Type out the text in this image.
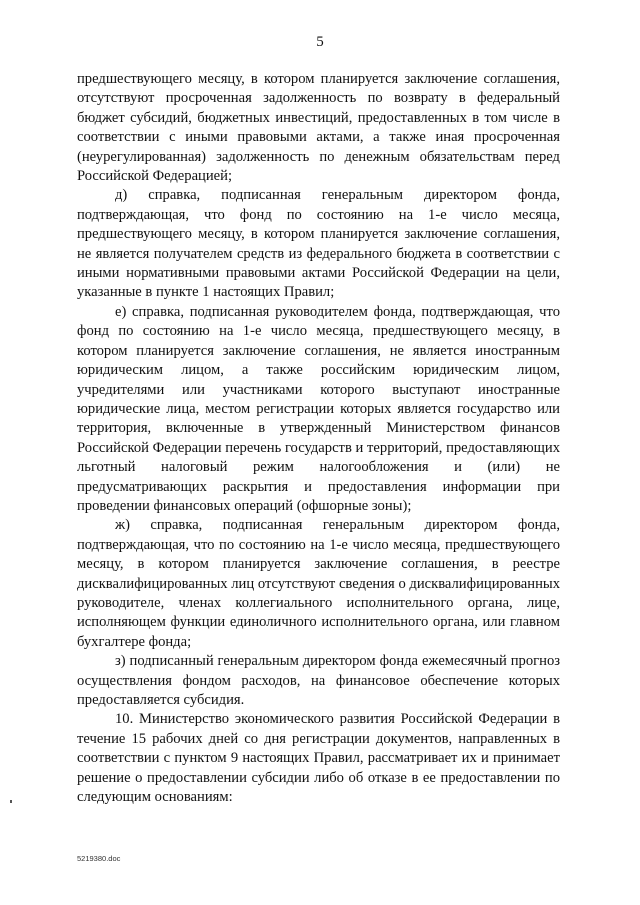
5

предшествующего месяцу, в котором планируется заключение соглашения, отсутствуют просроченная задолженность по возврату в федеральный бюджет субсидий, бюджетных инвестиций, предоставленных в том числе в соответствии с иными правовыми актами, а также иная просроченная (неурегулированная) задолженность по денежным обязательствам перед Российской Федерацией;

д) справка, подписанная генеральным директором фонда, подтверждающая, что фонд по состоянию на 1-е число месяца, предшествующего месяцу, в котором планируется заключение соглашения, не является получателем средств из федерального бюджета в соответствии с иными нормативными правовыми актами Российской Федерации на цели, указанные в пункте 1 настоящих Правил;

е) справка, подписанная руководителем фонда, подтверждающая, что фонд по состоянию на 1-е число месяца, предшествующего месяцу, в котором планируется заключение соглашения, не является иностранным юридическим лицом, а также российским юридическим лицом, учредителями или участниками которого выступают иностранные юридические лица, местом регистрации которых является государство или территория, включенные в утвержденный Министерством финансов Российской Федерации перечень государств и территорий, предоставляющих льготный налоговый режим налогообложения и (или) не предусматривающих раскрытия и предоставления информации при проведении финансовых операций (офшорные зоны);

ж) справка, подписанная генеральным директором фонда, подтверждающая, что по состоянию на 1-е число месяца, предшествующего месяцу, в котором планируется заключение соглашения, в реестре дисквалифицированных лиц отсутствуют сведения о дисквалифицированных руководителе, членах коллегиального исполнительного органа, лице, исполняющем функции единоличного исполнительного органа, или главном бухгалтере фонда;

з) подписанный генеральным директором фонда ежемесячный прогноз осуществления фондом расходов, на финансовое обеспечение которых предоставляется субсидия.

10. Министерство экономического развития Российской Федерации в течение 15 рабочих дней со дня регистрации документов, направленных в соответствии с пунктом 9 настоящих Правил, рассматривает их и принимает решение о предоставлении субсидии либо об отказе в ее предоставлении по следующим основаниям:

5219380.doc
